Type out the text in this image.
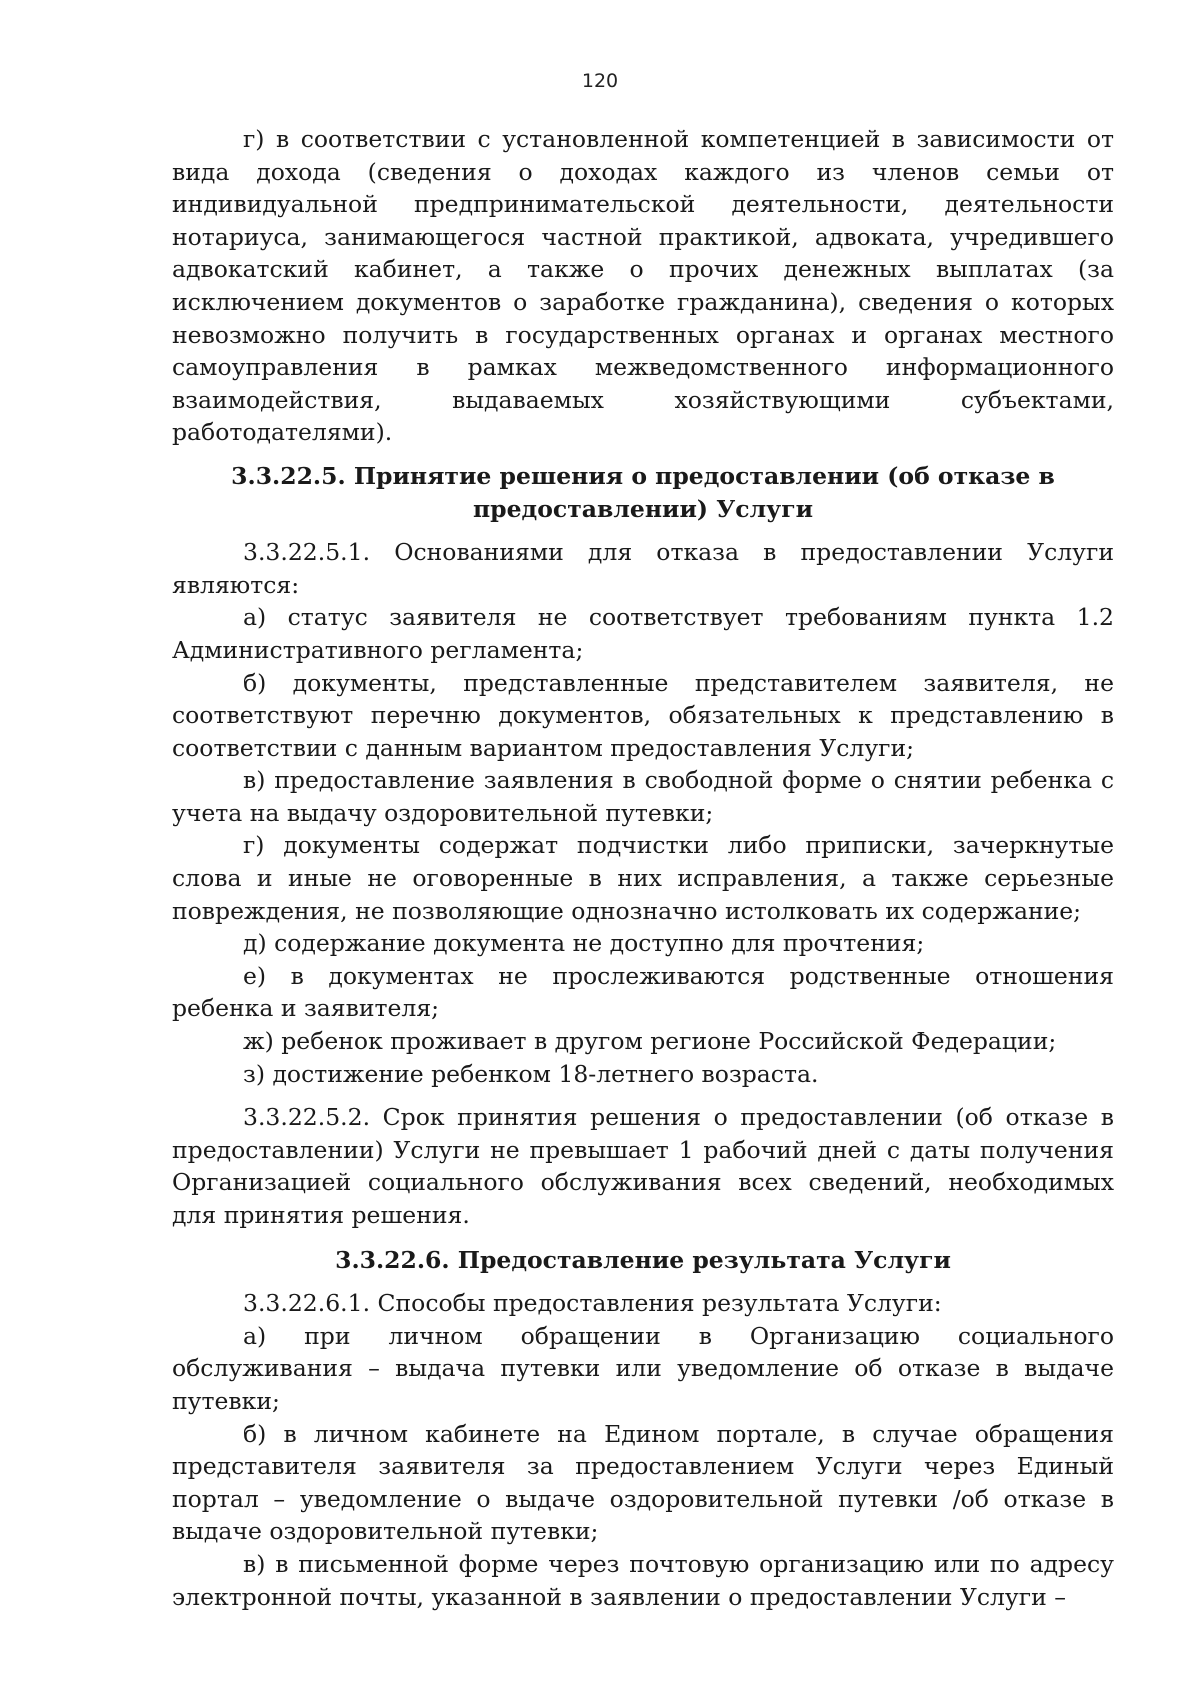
120

г) в соответствии с установленной компетенцией в зависимости от вида дохода (сведения о доходах каждого из членов семьи от индивидуальной предпринимательской деятельности, деятельности нотариуса, занимающегося частной практикой, адвоката, учредившего адвокатский кабинет, а также о прочих денежных выплатах (за исключением документов о заработке гражданина), сведения о которых невозможно получить в государственных органах и органах местного самоуправления в рамках межведомственного информационного взаимодействия, выдаваемых хозяйствующими субъектами, работодателями).

3.3.22.5. Принятие решения о предоставлении (об отказе в

предоставлении) Услуги

3.3.22.5.1. Основаниями для отказа в предоставлении Услуги являются:

а) статус заявителя не соответствует требованиям пункта 1.2 Административного регламента;

б) документы, представленные представителем заявителя, не соответствуют перечню документов, обязательных к представлению в соответствии с данным вариантом предоставления Услуги;

в) предоставление заявления в свободной форме о снятии ребенка с учета на выдачу оздоровительной путевки;

г) документы содержат подчистки либо приписки, зачеркнутые слова и иные не оговоренные в них исправления, а также серьезные повреждения, не позволяющие однозначно истолковать их содержание;

д) содержание документа не доступно для прочтения;

е) в документах не прослеживаются родственные отношения ребенка и заявителя;

ж) ребенок проживает в другом регионе Российской Федерации;

з) достижение ребенком 18-летнего возраста.

3.3.22.5.2. Срок принятия решения о предоставлении (об отказе в предоставлении) Услуги не превышает 1 рабочий дней с даты получения Организацией социального обслуживания всех сведений, необходимых для принятия решения.

3.3.22.6. Предоставление результата Услуги

3.3.22.6.1. Способы предоставления результата Услуги:

а) при личном обращении в Организацию социального обслуживания – выдача путевки или уведомление об отказе в выдаче путевки;

б) в личном кабинете на Едином портале, в случае обращения представителя заявителя за предоставлением Услуги через Единый портал – уведомление о выдаче оздоровительной путевки /об отказе в выдаче оздоровительной путевки;

в) в письменной форме через почтовую организацию или по адресу электронной почты, указанной в заявлении о предоставлении Услуги –
